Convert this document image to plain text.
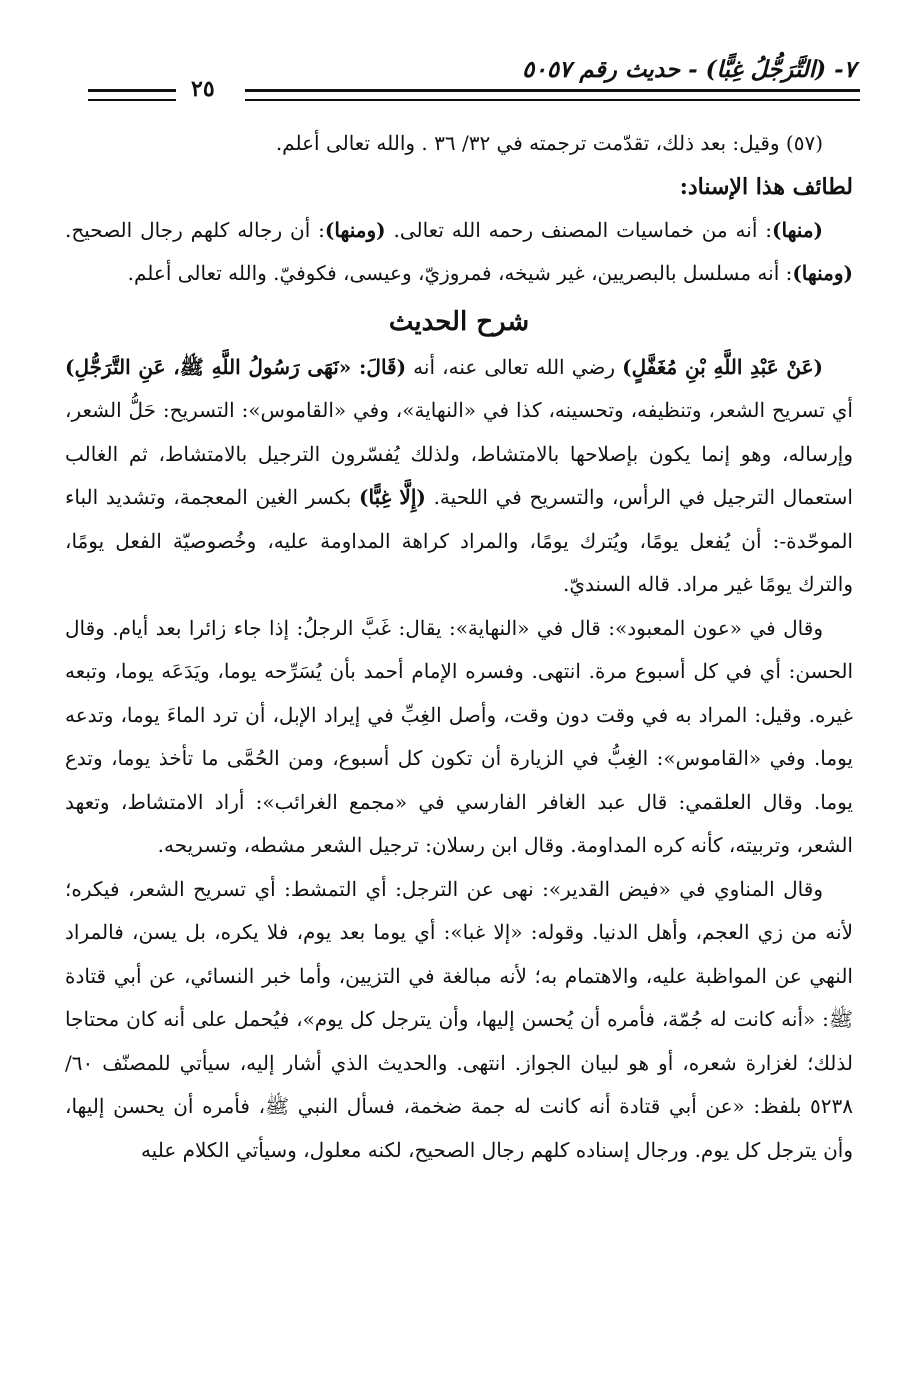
٧- (التَّرَجُّلُ غِبًّا) - حديث رقم ٥٠٥٧
٢٥

(٥٧) وقيل: بعد ذلك، تقدّمت ترجمته في ٣٢/ ٣٦ . والله تعالى أعلم.

لطائف هذا الإسناد:

(منها): أنه من خماسيات المصنف رحمه الله تعالى. (ومنها): أن رجاله كلهم رجال الصحيح. (ومنها): أنه مسلسل بالبصريين، غير شيخه، فمروزيّ، وعيسى، فكوفيّ. والله تعالى أعلم.

شرح الحديث

(عَنْ عَبْدِ اللَّهِ بْنِ مُغَفَّلٍ) رضي الله تعالى عنه، أنه (قَالَ: «نَهَى رَسُولُ اللَّهِ ﷺ، عَنِ التَّرَجُّلِ) أي تسريح الشعر، وتنظيفه، وتحسينه، كذا في «النهاية»، وفي «القاموس»: التسريح: حَلُّ الشعر، وإرساله، وهو إنما يكون بإصلاحها بالامتشاط، ولذلك يُفسّرون الترجيل بالامتشاط، ثم الغالب استعمال الترجيل في الرأس، والتسريح في اللحية. (إِلَّا غِبًّا) بكسر الغين المعجمة، وتشديد الباء الموحّدة-: أن يُفعل يومًا، ويُترك يومًا، والمراد كراهة المداومة عليه، وخُصوصيّة الفعل يومًا، والترك يومًا غير مراد. قاله السنديّ.

وقال في «عون المعبود»: قال في «النهاية»: يقال: غَبَّ الرجلُ: إذا جاء زائرا بعد أيام. وقال الحسن: أي في كل أسبوع مرة. انتهى. وفسره الإمام أحمد بأن يُسَرِّحه يوما، ويَدَعَه يوما، وتبعه غيره. وقيل: المراد به في وقت دون وقت، وأصل الغِبِّ في إيراد الإبل، أن ترد الماءَ يوما، وتدعه يوما. وفي «القاموس»: الغِبُّ في الزيارة أن تكون كل أسبوع، ومن الحُمَّى ما تأخذ يوما، وتدع يوما. وقال العلقمي: قال عبد الغافر الفارسي في «مجمع الغرائب»: أراد الامتشاط، وتعهد الشعر، وتربيته، كأنه كره المداومة. وقال ابن رسلان: ترجيل الشعر مشطه، وتسريحه.

وقال المناوي في «فيض القدير»: نهى عن الترجل: أي التمشط: أي تسريح الشعر، فيكره؛ لأنه من زي العجم، وأهل الدنيا. وقوله: «إلا غبا»: أي يوما بعد يوم، فلا يكره، بل يسن، فالمراد النهي عن المواظبة عليه، والاهتمام به؛ لأنه مبالغة في التزيين، وأما خبر النسائي، عن أبي قتادة ﷺ: «أنه كانت له جُمّة، فأمره أن يُحسن إليها، وأن يترجل كل يوم»، فيُحمل على أنه كان محتاجا لذلك؛ لغزارة شعره، أو هو لبيان الجواز. انتهى. والحديث الذي أشار إليه، سيأتي للمصنّف ٦٠/ ٥٢٣٨ بلفظ: «عن أبي قتادة أنه كانت له جمة ضخمة، فسأل النبي ﷺ، فأمره أن يحسن إليها، وأن يترجل كل يوم. ورجال إسناده كلهم رجال الصحيح، لكنه معلول، وسيأتي الكلام عليه
